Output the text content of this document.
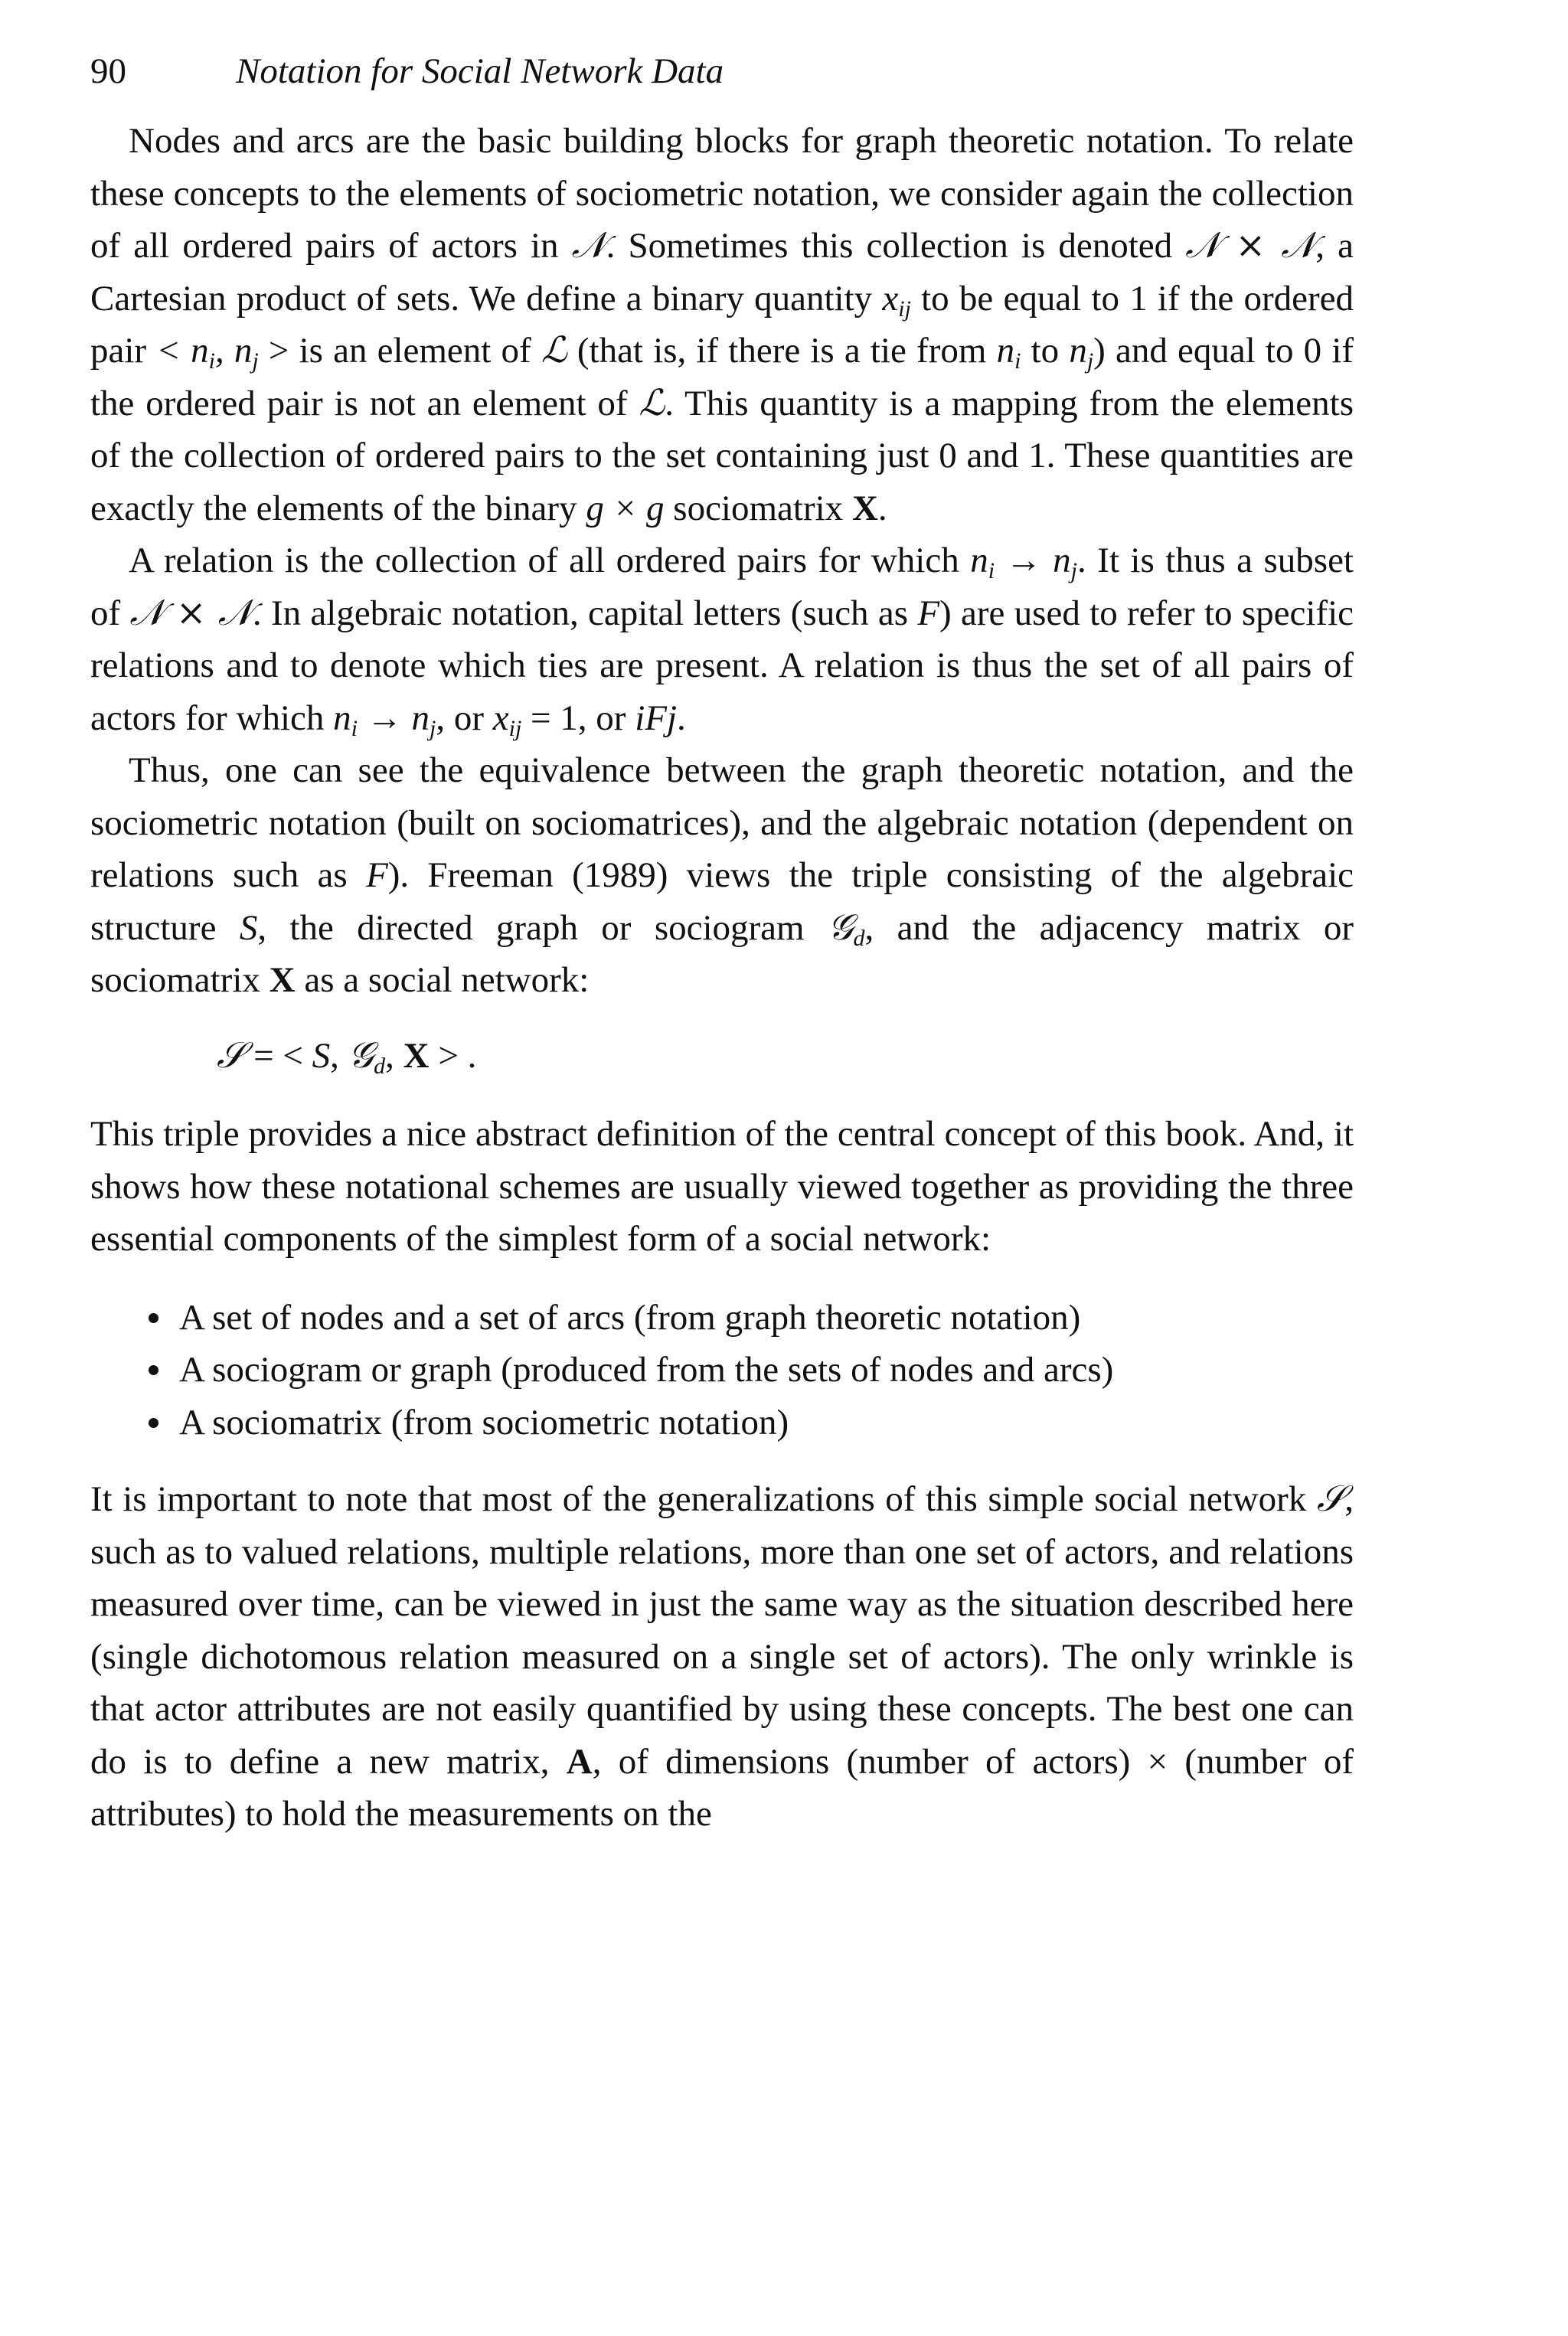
90	Notation for Social Network Data

Nodes and arcs are the basic building blocks for graph theoretic notation. To relate these concepts to the elements of sociometric notation, we consider again the collection of all ordered pairs of actors in 𝒩. Sometimes this collection is denoted 𝒩 × 𝒩, a Cartesian product of sets. We define a binary quantity $x_{ij}$ to be equal to 1 if the ordered pair < $n_i$, $n_j$ > is an element of ℒ (that is, if there is a tie from $n_i$ to $n_j$) and equal to 0 if the ordered pair is not an element of ℒ. This quantity is a mapping from the elements of the collection of ordered pairs to the set containing just 0 and 1. These quantities are exactly the elements of the binary g × g sociomatrix X.

A relation is the collection of all ordered pairs for which $n_i \to n_j$. It is thus a subset of 𝒩 × 𝒩. In algebraic notation, capital letters (such as F) are used to refer to specific relations and to denote which ties are present. A relation is thus the set of all pairs of actors for which $n_i \to n_j$, or $x_{ij} = 1$, or iFj.

Thus, one can see the equivalence between the graph theoretic notation, and the sociometric notation (built on sociomatrices), and the algebraic notation (dependent on relations such as F). Freeman (1989) views the triple consisting of the algebraic structure S, the directed graph or sociogram 𝒢$_d$, and the adjacency matrix or sociomatrix X as a social network:

𝒮 = < S, 𝒢$_d$, X > .

This triple provides a nice abstract definition of the central concept of this book. And, it shows how these notational schemes are usually viewed together as providing the three essential components of the simplest form of a social network:

A set of nodes and a set of arcs (from graph theoretic notation)
A sociogram or graph (produced from the sets of nodes and arcs)
A sociomatrix (from sociometric notation)

It is important to note that most of the generalizations of this simple social network 𝒮, such as to valued relations, multiple relations, more than one set of actors, and relations measured over time, can be viewed in just the same way as the situation described here (single dichotomous relation measured on a single set of actors). The only wrinkle is that actor attributes are not easily quantified by using these concepts. The best one can do is to define a new matrix, A, of dimensions (number of actors) × (number of attributes) to hold the measurements on the
